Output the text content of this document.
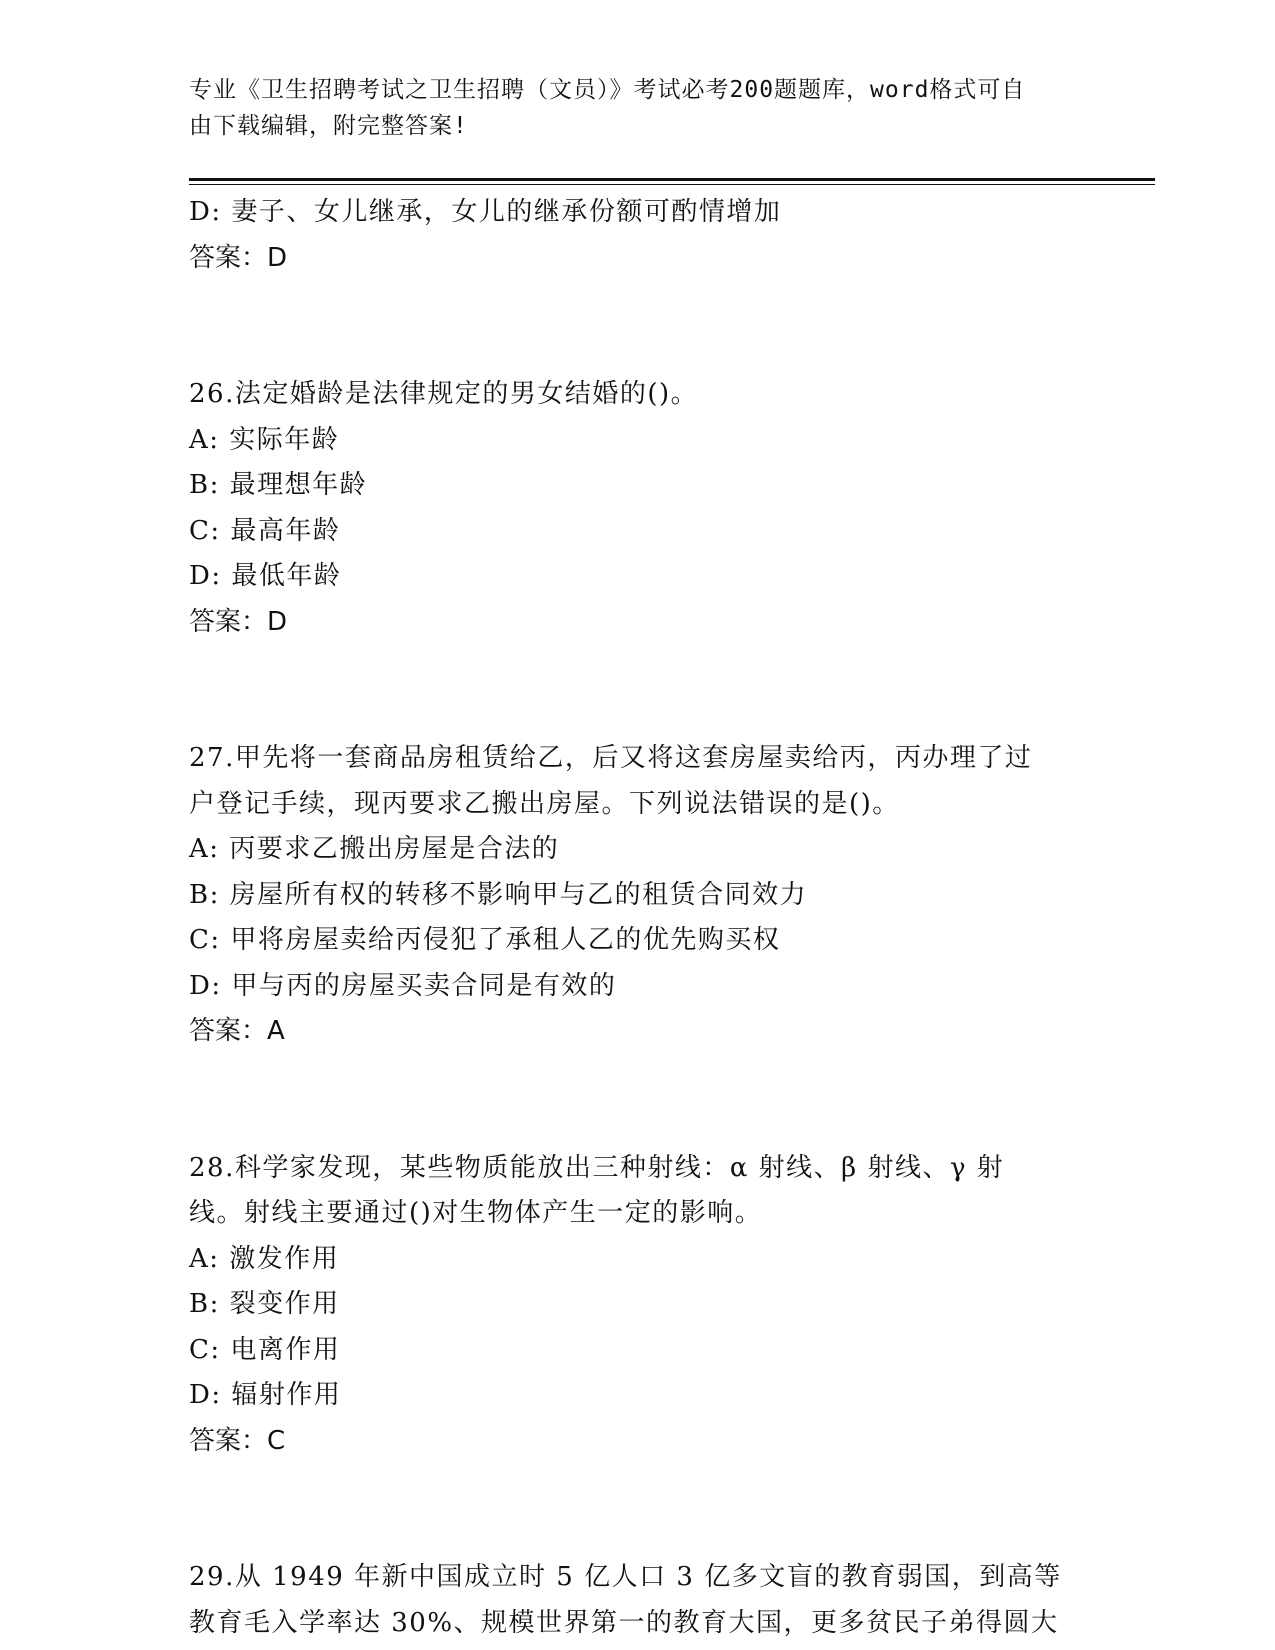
专业《卫生招聘考试之卫生招聘（文员）》考试必考200题题库，word格式可自
由下载编辑，附完整答案!
D: 妻子、女儿继承，女儿的继承份额可酌情增加
答案：D
26.法定婚龄是法律规定的男女结婚的()。
A: 实际年龄
B: 最理想年龄
C: 最高年龄
D: 最低年龄
答案：D
27.甲先将一套商品房租赁给乙，后又将这套房屋卖给丙，丙办理了过
户登记手续，现丙要求乙搬出房屋。下列说法错误的是()。
A: 丙要求乙搬出房屋是合法的
B: 房屋所有权的转移不影响甲与乙的租赁合同效力
C: 甲将房屋卖给丙侵犯了承租人乙的优先购买权
D: 甲与丙的房屋买卖合同是有效的
答案：A
28.科学家发现，某些物质能放出三种射线：α 射线、β 射线、γ 射
线。射线主要通过()对生物体产生一定的影响。
A: 激发作用
B: 裂变作用
C: 电离作用
D: 辐射作用
答案：C
29.从 1949 年新中国成立时 5 亿人口 3 亿多文盲的教育弱国，到高等
教育毛入学率达 30%、规模世界第一的教育大国，更多贫民子弟得圆大
